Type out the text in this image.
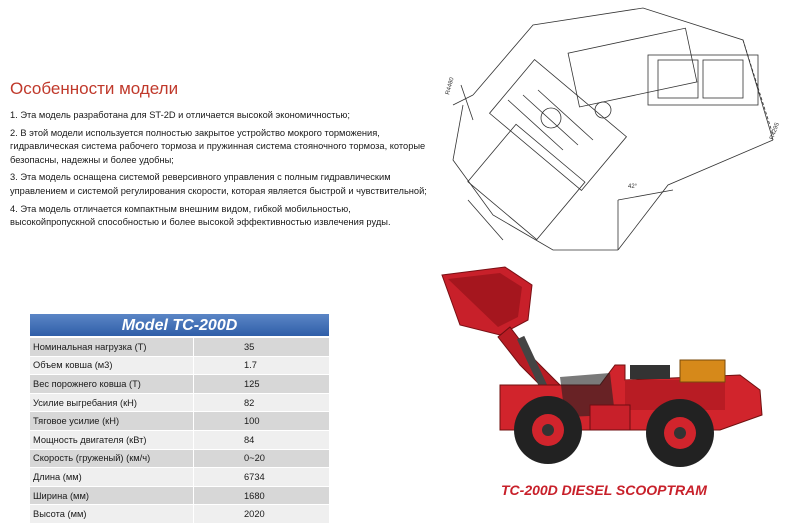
Особенности модели

1. Эта модель разработана для ST-2D и отличается высокой экономичностью;

2. В этой модели используется полностью закрытое устройство мокрого торможения, гидравлическая система рабочего тормоза и пружинная система стояночного тормоза, которые безопасны, надежны и более удобны;

3. Эта модель оснащена системой реверсивного управления с полным гидравлическим управлением и системой регулирования скорости, которая является быстрой и чувствительной;

4. Эта модель отличается компактным внешним видом, гибкой мобильностью, высокойпропускной способностью и более высокой эффективностью извлечения руды.

R4480
R4295
42°
Model TC-200D
Номинальная нагрузка (Т)	35
Объем ковша (м3)	1.7
Вес порожнего ковша (Т)	125
Усилие выгребания (кН)	82
Тяговое усилие (кН)	100
Мощность двигателя (кВт)	84
Скорость (груженый) (км/ч)	0~20
Длина (мм)	6734
Ширина (мм)	1680
Высота (мм)	2020
TC-200D DIESEL SCOOPTRAM
